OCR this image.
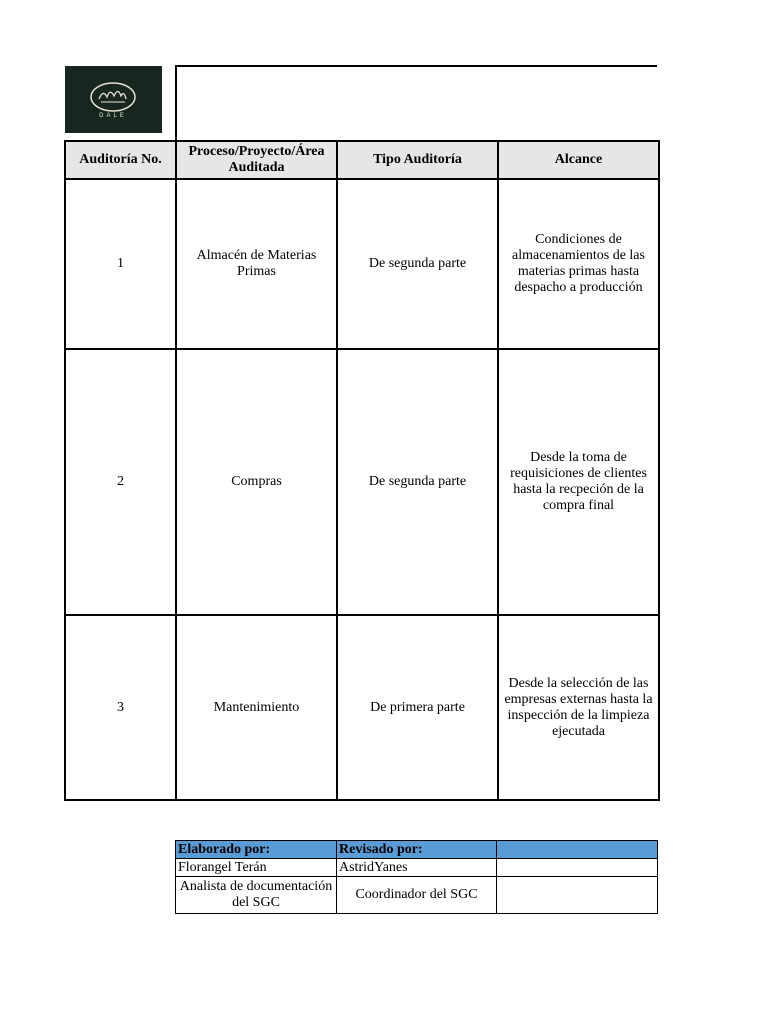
DALE
Auditoría No.	Proceso/Proyecto/Área Auditada	Tipo Auditoría	Alcance
1	Almacén de Materias Primas	De segunda parte	Condiciones de almacenamientos de las materias primas hasta despacho a producción
2	Compras	De segunda parte	Desde la toma de requisiciones de clientes hasta la recpeción de la compra final
3	Mantenimiento	De primera parte	Desde la selección de las empresas externas hasta la inspección de la limpieza ejecutada
Elaborado por:	Revisado por:	
Florangel Terán	AstridYanes	
Analista de documentación del SGC	Coordinador del SGC	
